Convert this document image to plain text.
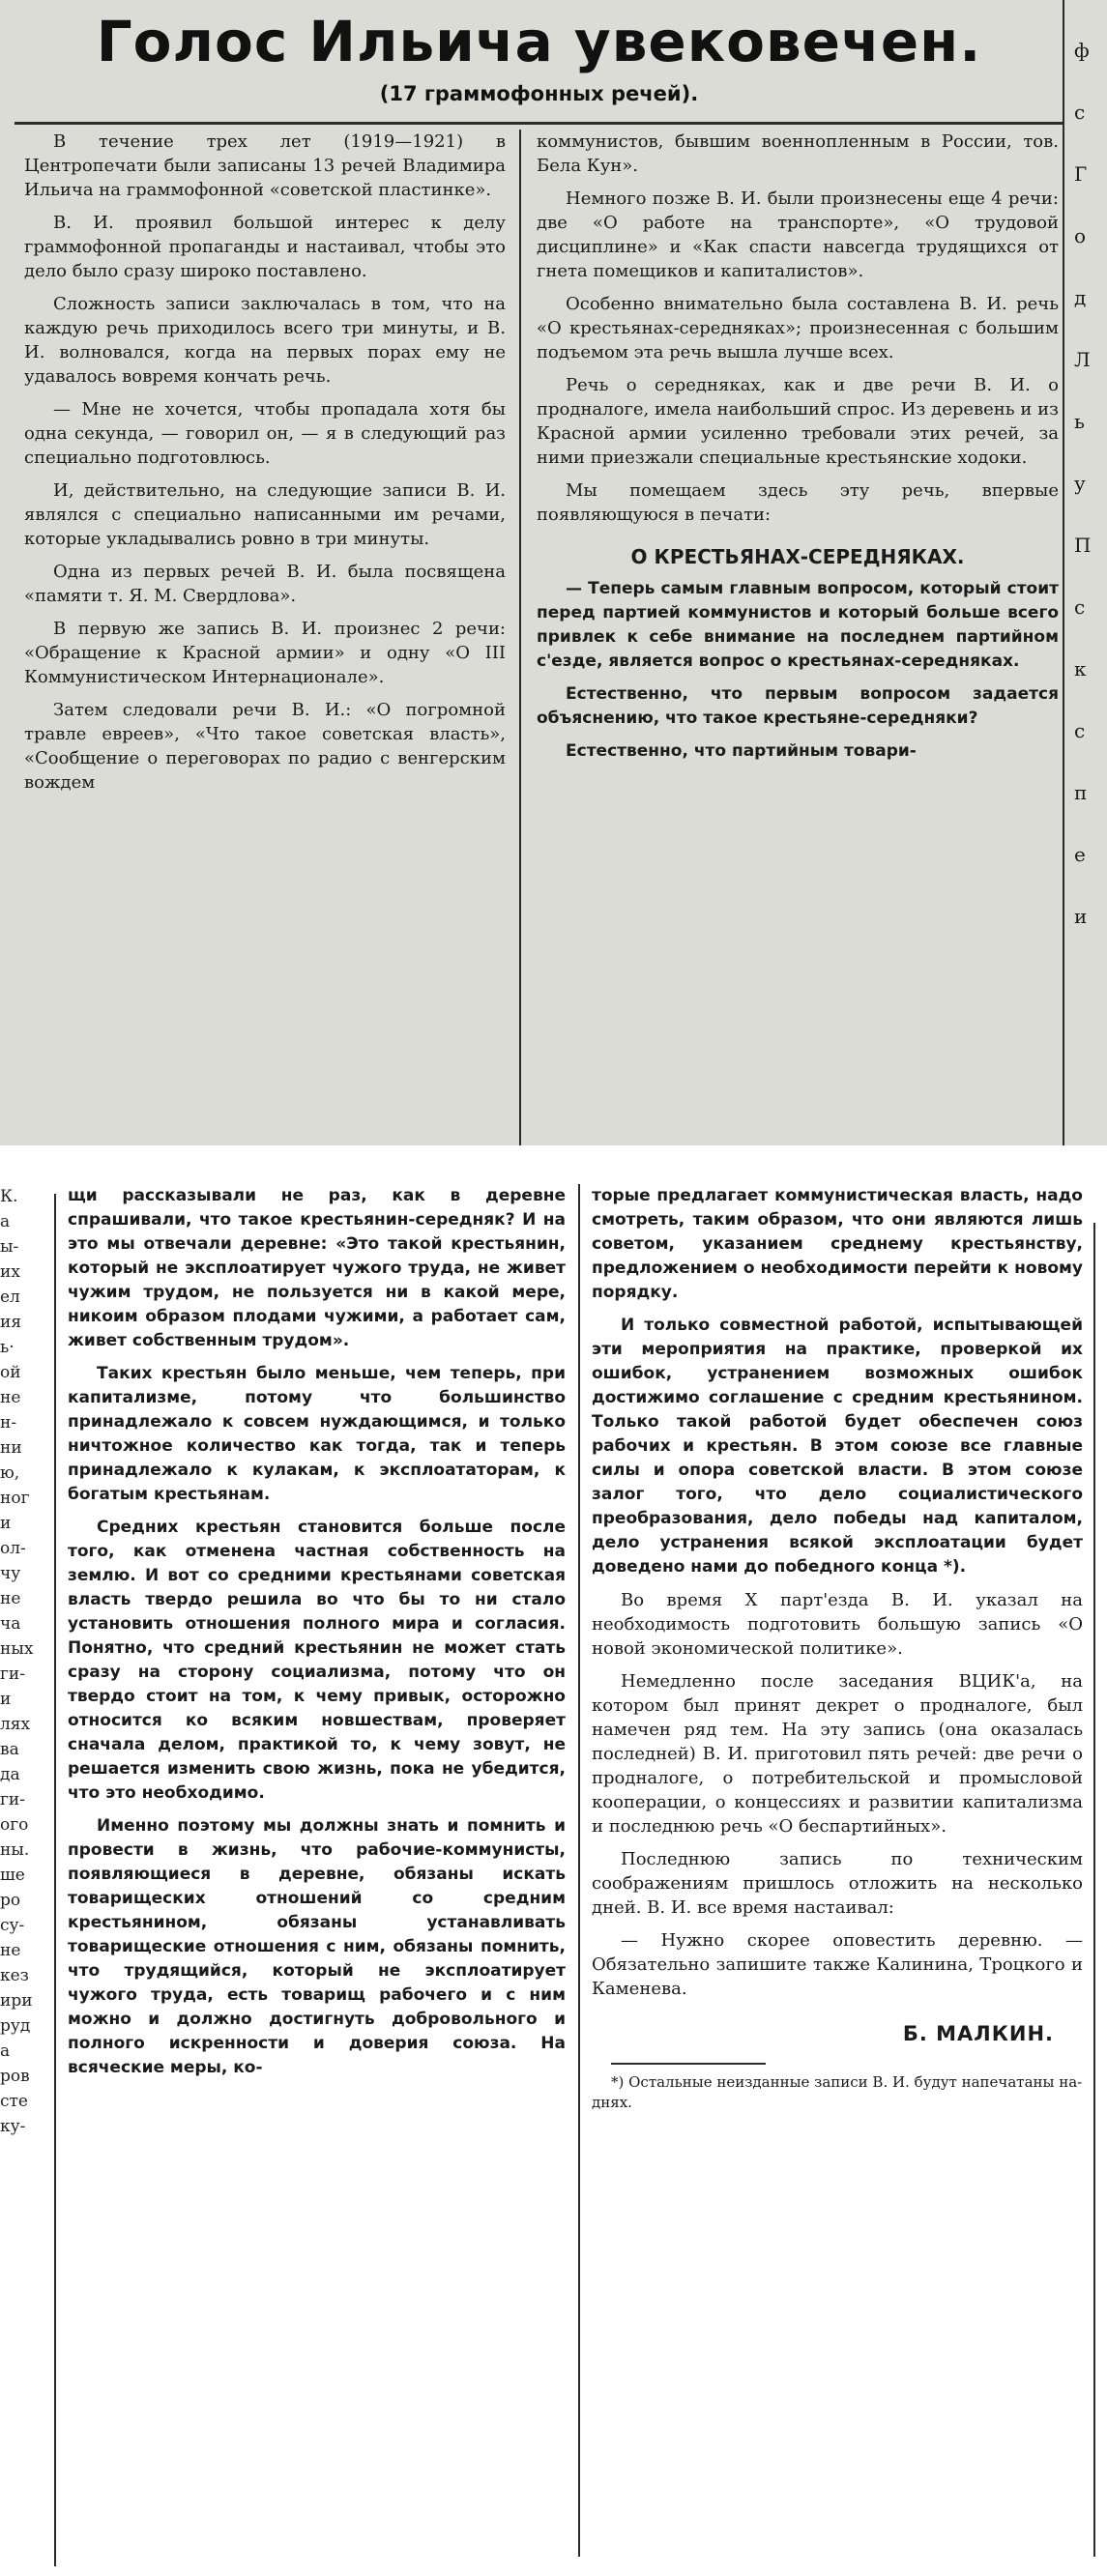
Голос Ильича увековечен.
(17 граммофонных речей).

В течение трех лет (1919—1921) в Центропечати были записаны 13 речей Владимира Ильича на граммофонной «советской пластинке».

В. И. проявил большой интерес к делу граммофонной пропаганды и настаивал, чтобы это дело было сразу широко поставлено.

Сложность записи заключалась в том, что на каждую речь приходилось всего три минуты, и В. И. волновался, когда на первых порах ему не удавалось вовремя кончать речь.

— Мне не хочется, чтобы пропадала хотя бы одна секунда, — говорил он, — я в следующий раз специально подготовлюсь.

И, действительно, на следующие записи В. И. являлся с специально написанными им речами, которые укладывались ровно в три минуты.

Одна из первых речей В. И. была посвящена «памяти т. Я. М. Свердлова».

В первую же запись В. И. произнес 2 речи: «Обращение к Красной армии» и одну «О III Коммунистическом Интернационале».

Затем следовали речи В. И.: «О погромной травле евреев», «Что такое советская власть», «Сообщение о переговорах по радио с венгерским вождем

коммунистов, бывшим военнопленным в России, тов. Бела Кун».

Немного позже В. И. были произнесены еще 4 речи: две «О работе на транспорте», «О трудовой дисциплине» и «Как спасти навсегда трудящихся от гнета помещиков и капиталистов».

Особенно внимательно была составлена В. И. речь «О крестьянах-середняках»; произнесенная с большим подъемом эта речь вышла лучше всех.

Речь о середняках, как и две речи В. И. о продналоге, имела наибольший спрос. Из деревень и из Красной армии усиленно требовали этих речей, за ними приезжали специальные крестьянские ходоки.

Мы помещаем здесь эту речь, впервые появляющуюся в печати:

О КРЕСТЬЯНАХ-СЕРЕДНЯКАХ.

— Теперь самым главным вопросом, который стоит перед партией коммунистов и который больше всего привлек к себе внимание на последнем партийном с'езде, является вопрос о крестьянах-середняках.

Естественно, что первым вопросом задается объяснению, что такое крестьяне-середняки?

Естественно, что партийным товари-

ф
с
Г
о
д
Л
ь
у
П
с
к
с
п
е
и
К.
а
ы-
их
ел
ия
ь·
ой
не
н-
ни
ю,
ног
и
ол-
чу
не
ча
ных
ги-
и
лях
ва
да
ги-
ого
ны.
ше
ро
су-
не
кез
ири
руд
а
ров
сте
ку-

щи рассказывали не раз, как в деревне спрашивали, что такое крестьянин-середняк? И на это мы отвечали деревне: «Это такой крестьянин, который не эксплоатирует чужого труда, не живет чужим трудом, не пользуется ни в какой мере, никоим образом плодами чужими, а работает сам, живет собственным трудом».

Таких крестьян было меньше, чем теперь, при капитализме, потому что большинство принадлежало к совсем нуждающимся, и только ничтожное количество как тогда, так и теперь принадлежало к кулакам, к эксплоататорам, к богатым крестьянам.

Средних крестьян становится больше после того, как отменена частная собственность на землю. И вот со средними крестьянами советская власть твердо решила во что бы то ни стало установить отношения полного мира и согласия. Понятно, что средний крестьянин не может стать сразу на сторону социализма, потому что он твердо стоит на том, к чему привык, осторожно относится ко всяким новшествам, проверяет сначала делом, практикой то, к чему зовут, не решается изменить свою жизнь, пока не убедится, что это необходимо.

Именно поэтому мы должны знать и помнить и провести в жизнь, что рабочие-коммунисты, появляющиеся в деревне, обязаны искать товарищеских отношений со средним крестьянином, обязаны устанавливать товарищеские отношения с ним, обязаны помнить, что трудящийся, который не эксплоатирует чужого труда, есть товарищ рабочего и с ним можно и должно достигнуть добровольного и полного искренности и доверия союза. На всяческие меры, ко-

торые предлагает коммунистическая власть, надо смотреть, таким образом, что они являются лишь советом, указанием среднему крестьянству, предложением о необходимости перейти к новому порядку.

И только совместной работой, испытывающей эти мероприятия на практике, проверкой их ошибок, устранением возможных ошибок достижимо соглашение с средним крестьянином. Только такой работой будет обеспечен союз рабочих и крестьян. В этом союзе все главные силы и опора советской власти. В этом союзе залог того, что дело социалистического преобразования, дело победы над капиталом, дело устранения всякой эксплоатации будет доведено нами до победного конца *).

Во время X парт'езда В. И. указал на необходимость подготовить большую запись «О новой экономической политике».

Немедленно после заседания ВЦИК'а, на котором был принят декрет о продналоге, был намечен ряд тем. На эту запись (она оказалась последней) В. И. приготовил пять речей: две речи о продналоге, о потребительской и промысловой кооперации, о концессиях и развитии капитализма и последнюю речь «О беспартийных».

Последнюю запись по техническим соображениям пришлось отложить на несколько дней. В. И. все время настаивал:

— Нужно скорее оповестить деревню. — Обязательно запишите также Калинина, Троцкого и Каменева.

Б. МАЛКИН.

*) Остальные неизданные записи В. И. будут напечатаны на-днях.
